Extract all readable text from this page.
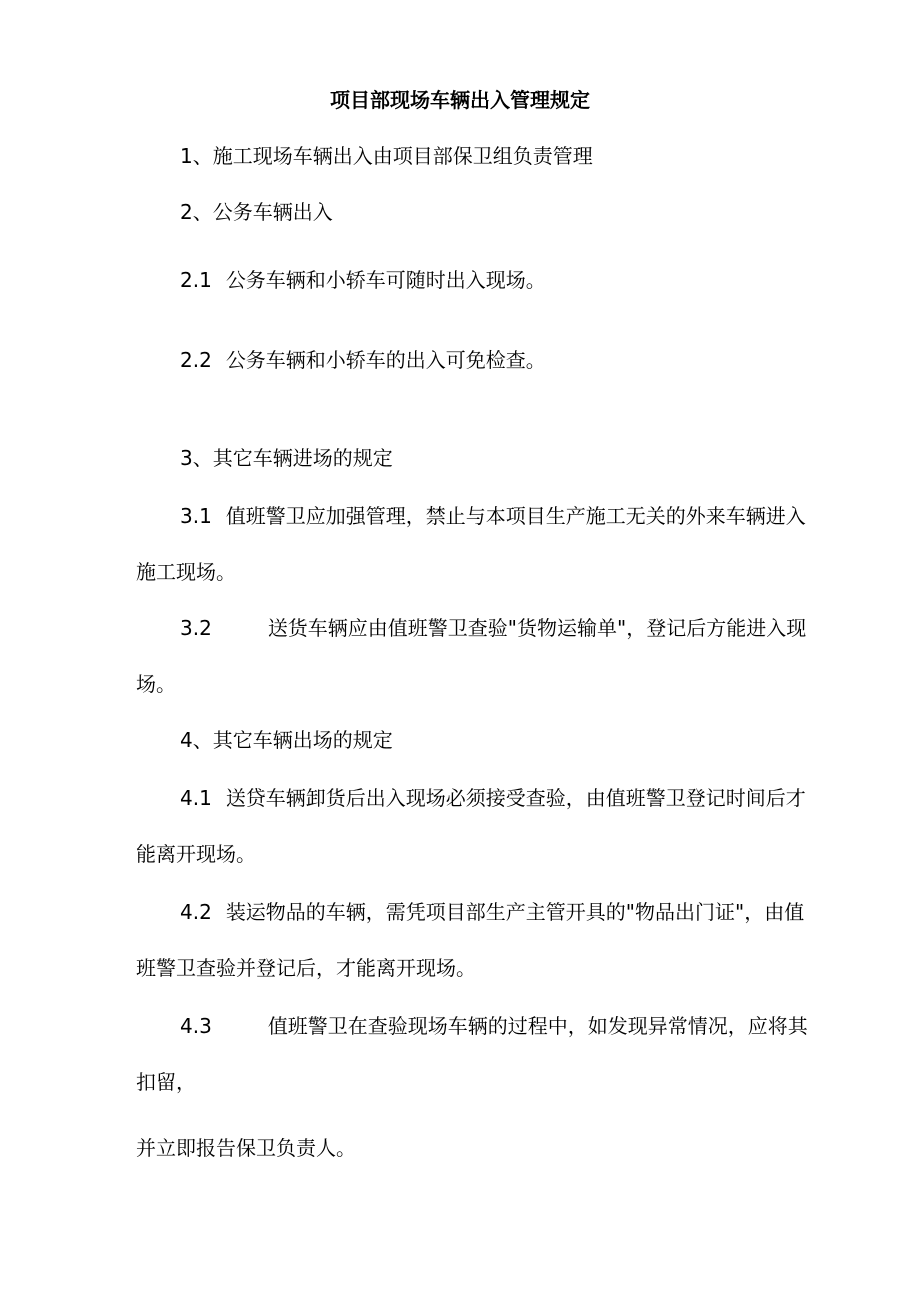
项目部现场车辆出入管理规定
1、施工现场车辆出入由项目部保卫组负责管理
2、公务车辆出入
2.1 公务车辆和小轿车可随时出入现场。
2.2 公务车辆和小轿车的出入可免检查。
3、其它车辆进场的规定
3.1 值班警卫应加强管理，禁止与本项目生产施工无关的外来车辆进入
施工现场。
3.2	送货车辆应由值班警卫查验"货物运输单"，登记后方能进入现
场。
4、其它车辆出场的规定
4.1 送贷车辆卸货后出入现场必须接受查验，由值班警卫登记时间后才
能离开现场。
4.2 装运物品的车辆，需凭项目部生产主管开具的"物品出门证"，由值
班警卫查验并登记后，才能离开现场。
4.3	值班警卫在查验现场车辆的过程中，如发现异常情况，应将其
扣留，
并立即报告保卫负责人。
